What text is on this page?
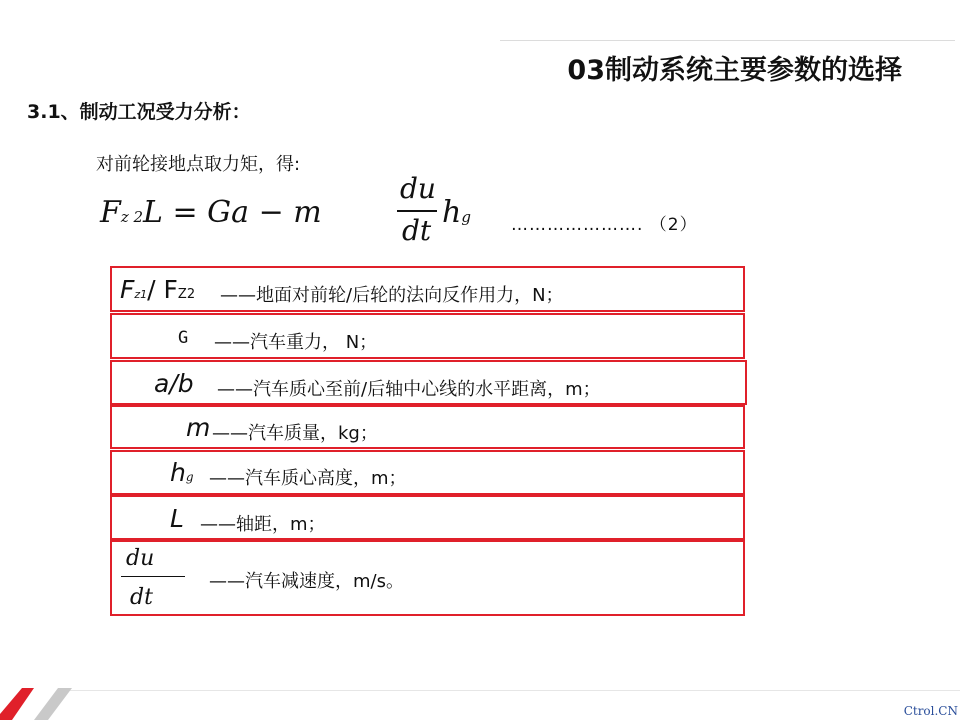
03制动系统主要参数的选择
3.1、制动工况受力分析：
对前轮接地点取力矩，得:
Fz 2L = Ga − m
du
dt
hg …………………. （2）
Fz1/ FZ2 ——地面对前轮/后轮的法向反作用力，N；
G ——汽车重力， N；
a/b ——汽车质心至前/后轴中心线的水平距离，m；
m ——汽车质量，kg；
hg ——汽车质心高度，m；
L ——轴距，m；
——汽车减速度，m/s。
du
dt
Ctrol.CN
